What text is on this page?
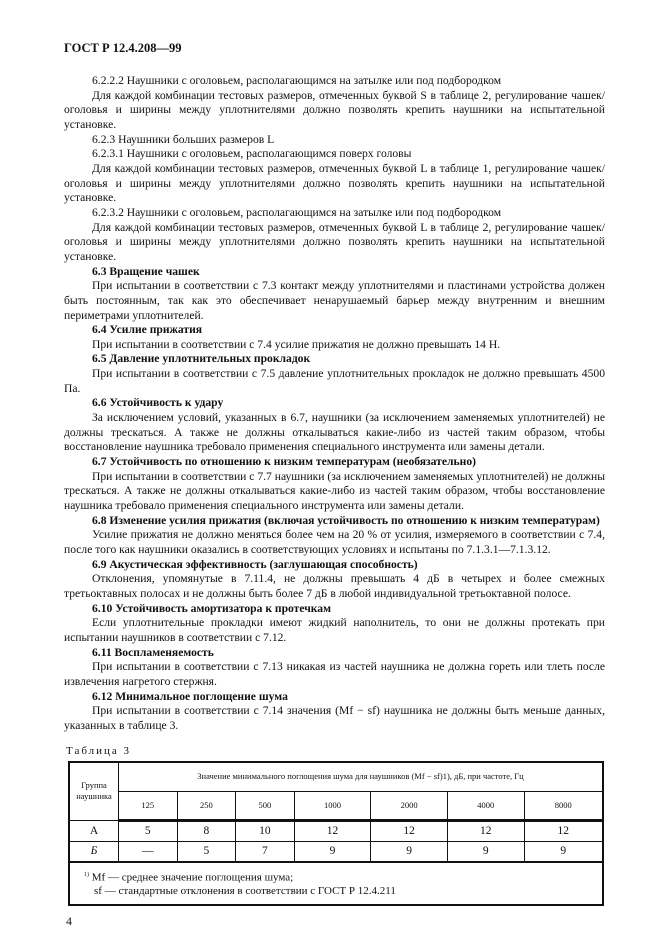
ГОСТ Р 12.4.208—99

6.2.2.2 Наушники с оголовьем, располагающимся на затылке или под подбородком

Для каждой комбинации тестовых размеров, отмеченных буквой S в таблице 2, регулирование чашек/оголовья и ширины между уплотнителями должно позволять крепить наушники на испытательной установке.

6.2.3 Наушники больших размеров L

6.2.3.1 Наушники с оголовьем, располагающимся поверх головы

Для каждой комбинации тестовых размеров, отмеченных буквой L в таблице 1, регулирование чашек/оголовья и ширины между уплотнителями должно позволять крепить наушники на испытательной установке.

6.2.3.2 Наушники с оголовьем, располагающимся на затылке или под подбородком

Для каждой комбинации тестовых размеров, отмеченных буквой L в таблице 2, регулирование чашек/оголовья и ширины между уплотнителями должно позволять крепить наушники на испытательной установке.

6.3 Вращение чашек

При испытании в соответствии с 7.3 контакт между уплотнителями и пластинами устройства должен быть постоянным, так как это обеспечивает ненарушаемый барьер между внутренним и внешним периметрами уплотнителей.

6.4 Усилие прижатия

При испытании в соответствии с 7.4 усилие прижатия не должно превышать 14 Н.

6.5 Давление уплотнительных прокладок

При испытании в соответствии с 7.5 давление уплотнительных прокладок не должно превышать 4500 Па.

6.6 Устойчивость к удару

За исключением условий, указанных в 6.7, наушники (за исключением заменяемых уплотнителей) не должны трескаться. А также не должны откалываться какие-либо из частей таким образом, чтобы восстановление наушника требовало применения специального инструмента или замены детали.

6.7 Устойчивость по отношению к низким температурам (необязательно)

При испытании в соответствии с 7.7 наушники (за исключением заменяемых уплотнителей) не должны трескаться. А также не должны откалываться какие-либо из частей таким образом, чтобы восстановление наушника требовало применения специального инструмента или замены детали.

6.8 Изменение усилия прижатия (включая устойчивость по отношению к низким температурам)

Усилие прижатия не должно меняться более чем на 20 % от усилия, измеряемого в соответствии с 7.4, после того как наушники оказались в соответствующих условиях и испытаны по 7.1.3.1—7.1.3.12.

6.9 Акустическая эффективность (заглушающая способность)

Отклонения, упомянутые в 7.11.4, не должны превышать 4 дБ в четырех и более смежных третьоктавных полосах и не должны быть более 7 дБ в любой индивидуальной третьоктавной полосе.

6.10 Устойчивость амортизатора к протечкам

Если уплотнительные прокладки имеют жидкий наполнитель, то они не должны протекать при испытании наушников в соответствии с 7.12.

6.11 Воспламеняемость

При испытании в соответствии с 7.13 никакая из частей наушника не должна гореть или тлеть после извлечения нагретого стержня.

6.12 Минимальное поглощение шума

При испытании в соответствии с 7.14 значения (Mf − sf) наушника не должны быть меньше данных, указанных в таблице 3.

Таблица 3
Группа наушника	Значение минимального поглощения шума для наушников (Mf − sf)1), дБ, при частоте, Гц						
	125	250	500	1000	2000	4000	8000
А	5	8	10	12	12	12	12
Б	—	5	7	9	9	9	9
$^{1)}$ Mf — среднее значение поглощения шума;
sf — стандартные отклонения в соответствии с ГОСТ Р 12.4.211							
4
